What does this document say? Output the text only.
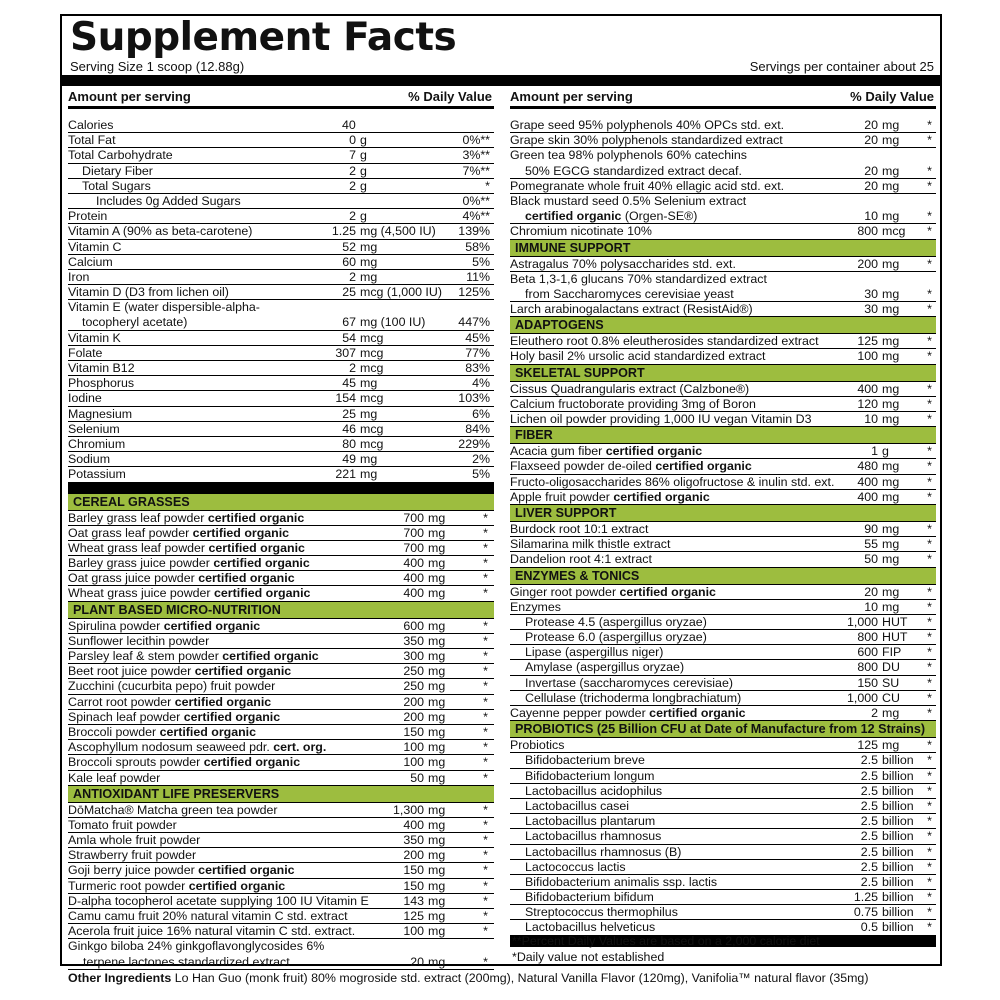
Supplement Facts
Serving Size 1 scoop (12.88g)	Servings per container about 25
Amount per serving	% Daily Value
Calories	40
Total Fat	0 g	0%**
Total Carbohydrate	7 g	3%**
Dietary Fiber	2 g	7%**
Total Sugars	2 g	*
Includes 0g Added Sugars	0%**
Protein	2 g	4%**
Vitamin A (90% as beta-carotene)	1.25 mg (4,500 IU) 139%
Vitamin C	52 mg	58%
Calcium	60 mg	5%
Iron	2 mg	11%
Vitamin D (D3 from lichen oil)	25 mcg (1,000 IU) 125%
Vitamin E (water dispersible-alpha-
tocopheryl acetate)	67 mg (100 IU)	447%
Vitamin K	54 mcg	45%
Folate	307 mcg	77%
Vitamin B12	2 mcg	83%
Phosphorus	45 mg	4%
Iodine	154 mcg	103%
Magnesium	25 mg	6%
Selenium	46 mcg	84%
Chromium	80 mcg	229%
Sodium	49 mg	2%
Potassium	221 mg	5%
CEREAL GRASSES
Barley grass leaf powder certified organic	700 mg	*
Oat grass leaf powder certified organic	700 mg	*
Wheat grass leaf powder certified organic	700 mg	*
Barley grass juice powder certified organic	400 mg	*
Oat grass juice powder certified organic	400 mg	*
Wheat grass juice powder certified organic	400 mg	*
PLANT BASED MICRO-NUTRITION
Spirulina powder certified organic	600 mg	*
Sunflower lecithin powder	350 mg	*
Parsley leaf & stem powder certified organic	300 mg	*
Beet root juice powder certified organic	250 mg	*
Zucchini (cucurbita pepo) fruit powder	250 mg	*
Carrot root powder certified organic	200 mg	*
Spinach leaf powder certified organic	200 mg	*
Broccoli powder certified organic	150 mg	*
Ascophyllum nodosum seaweed pdr. cert. org.	100 mg	*
Broccoli sprouts powder certified organic	100 mg	*
Kale leaf powder	50 mg	*
ANTIOXIDANT LIFE PRESERVERS
DōMatcha® Matcha green tea powder	1,300 mg	*
Tomato fruit powder	400 mg	*
Amla whole fruit powder	350 mg	*
Strawberry fruit powder	200 mg	*
Goji berry juice powder certified organic	150 mg	*
Turmeric root powder certified organic	150 mg	*
D-alpha tocopherol acetate supplying 100 IU Vitamin E	143 mg	*
Camu camu fruit 20% natural vitamin C std. extract	125 mg	*
Acerola fruit juice 16% natural vitamin C std. extract.	100 mg	*
Ginkgo biloba 24% ginkgoflavonglycosides 6%
terpene lactones standardized extract	20 mg	*
Amount per serving	% Daily Value
Grape seed 95% polyphenols 40% OPCs std. ext.	20 mg *
Grape skin 30% polyphenols standardized extract	20 mg *
Green tea 98% polyphenols 60% catechins
50% EGCG standardized extract decaf.	20 mg *
Pomegranate whole fruit 40% ellagic acid std. ext.	20 mg *
Black mustard seed 0.5% Selenium extract
certified organic (Orgen-SE®)	10 mg *
Chromium nicotinate 10%	800 mcg *
IMMUNE SUPPORT
Astragalus 70% polysaccharides std. ext.	200 mg *
Beta 1,3-1,6 glucans 70% standardized extract
from Saccharomyces cerevisiae yeast	30 mg *
Larch arabinogalactans extract (ResistAid®)	30 mg *
ADAPTOGENS
Eleuthero root 0.8% eleutherosides standardized extract	125 mg *
Holy basil 2% ursolic acid standardized extract	100 mg *
SKELETAL SUPPORT
Cissus Quadrangularis extract (Calzbone®)	400 mg *
Calcium fructoborate providing 3mg of Boron	120 mg *
Lichen oil powder providing 1,000 IU vegan Vitamin D3	10 mg *
FIBER
Acacia gum fiber certified organic	1 g	*
Flaxseed powder de-oiled certified organic	480 mg *
Fructo-oligosaccharides 86% oligofructose & inulin std. ext. 400 mg *
Apple fruit powder certified organic	400 mg *
LIVER SUPPORT
Burdock root 10:1 extract	90 mg *
Silamarina milk thistle extract	55 mg *
Dandelion root 4:1 extract	50 mg *
ENZYMES & TONICS
Ginger root powder certified organic	20 mg *
Enzymes	10 mg *
Protease 4.5 (aspergillus oryzae)	1,000 HUT *
Protease 6.0 (aspergillus oryzae)	800 HUT *
Lipase (aspergillus niger)	600 FIP *
Amylase (aspergillus oryzae)	800 DU *
Invertase (saccharomyces cerevisiae)	150 SU *
Cellulase (trichoderma longbrachiatum)	1,000 CU *
Cayenne pepper powder certified organic	2 mg *
PROBIOTICS (25 Billion CFU at Date of Manufacture from 12 Strains)
Probiotics	125 mg *
Bifidobacterium breve	2.5 billion *
Bifidobacterium longum	2.5 billion *
Lactobacillus acidophilus	2.5 billion *
Lactobacillus casei	2.5 billion *
Lactobacillus plantarum	2.5 billion *
Lactobacillus rhamnosus	2.5 billion *
Lactobacillus rhamnosus (B)	2.5 billion *
Lactococcus lactis	2.5 billion *
Bifidobacterium animalis ssp. lactis	2.5 billion *
Bifidobacterium bifidum	1.25 billion *
Streptococcus thermophilus	0.75 billion *
Lactobacillus helveticus	0.5 billion *
**Percent Daily Values are based on a 2,000 calorie diet
*Daily value not established
Other Ingredients Lo Han Guo (monk fruit) 80% mogroside std. extract (200mg), Natural Vanilla Flavor (120mg), Vanifolia™ natural flavor (35mg)
